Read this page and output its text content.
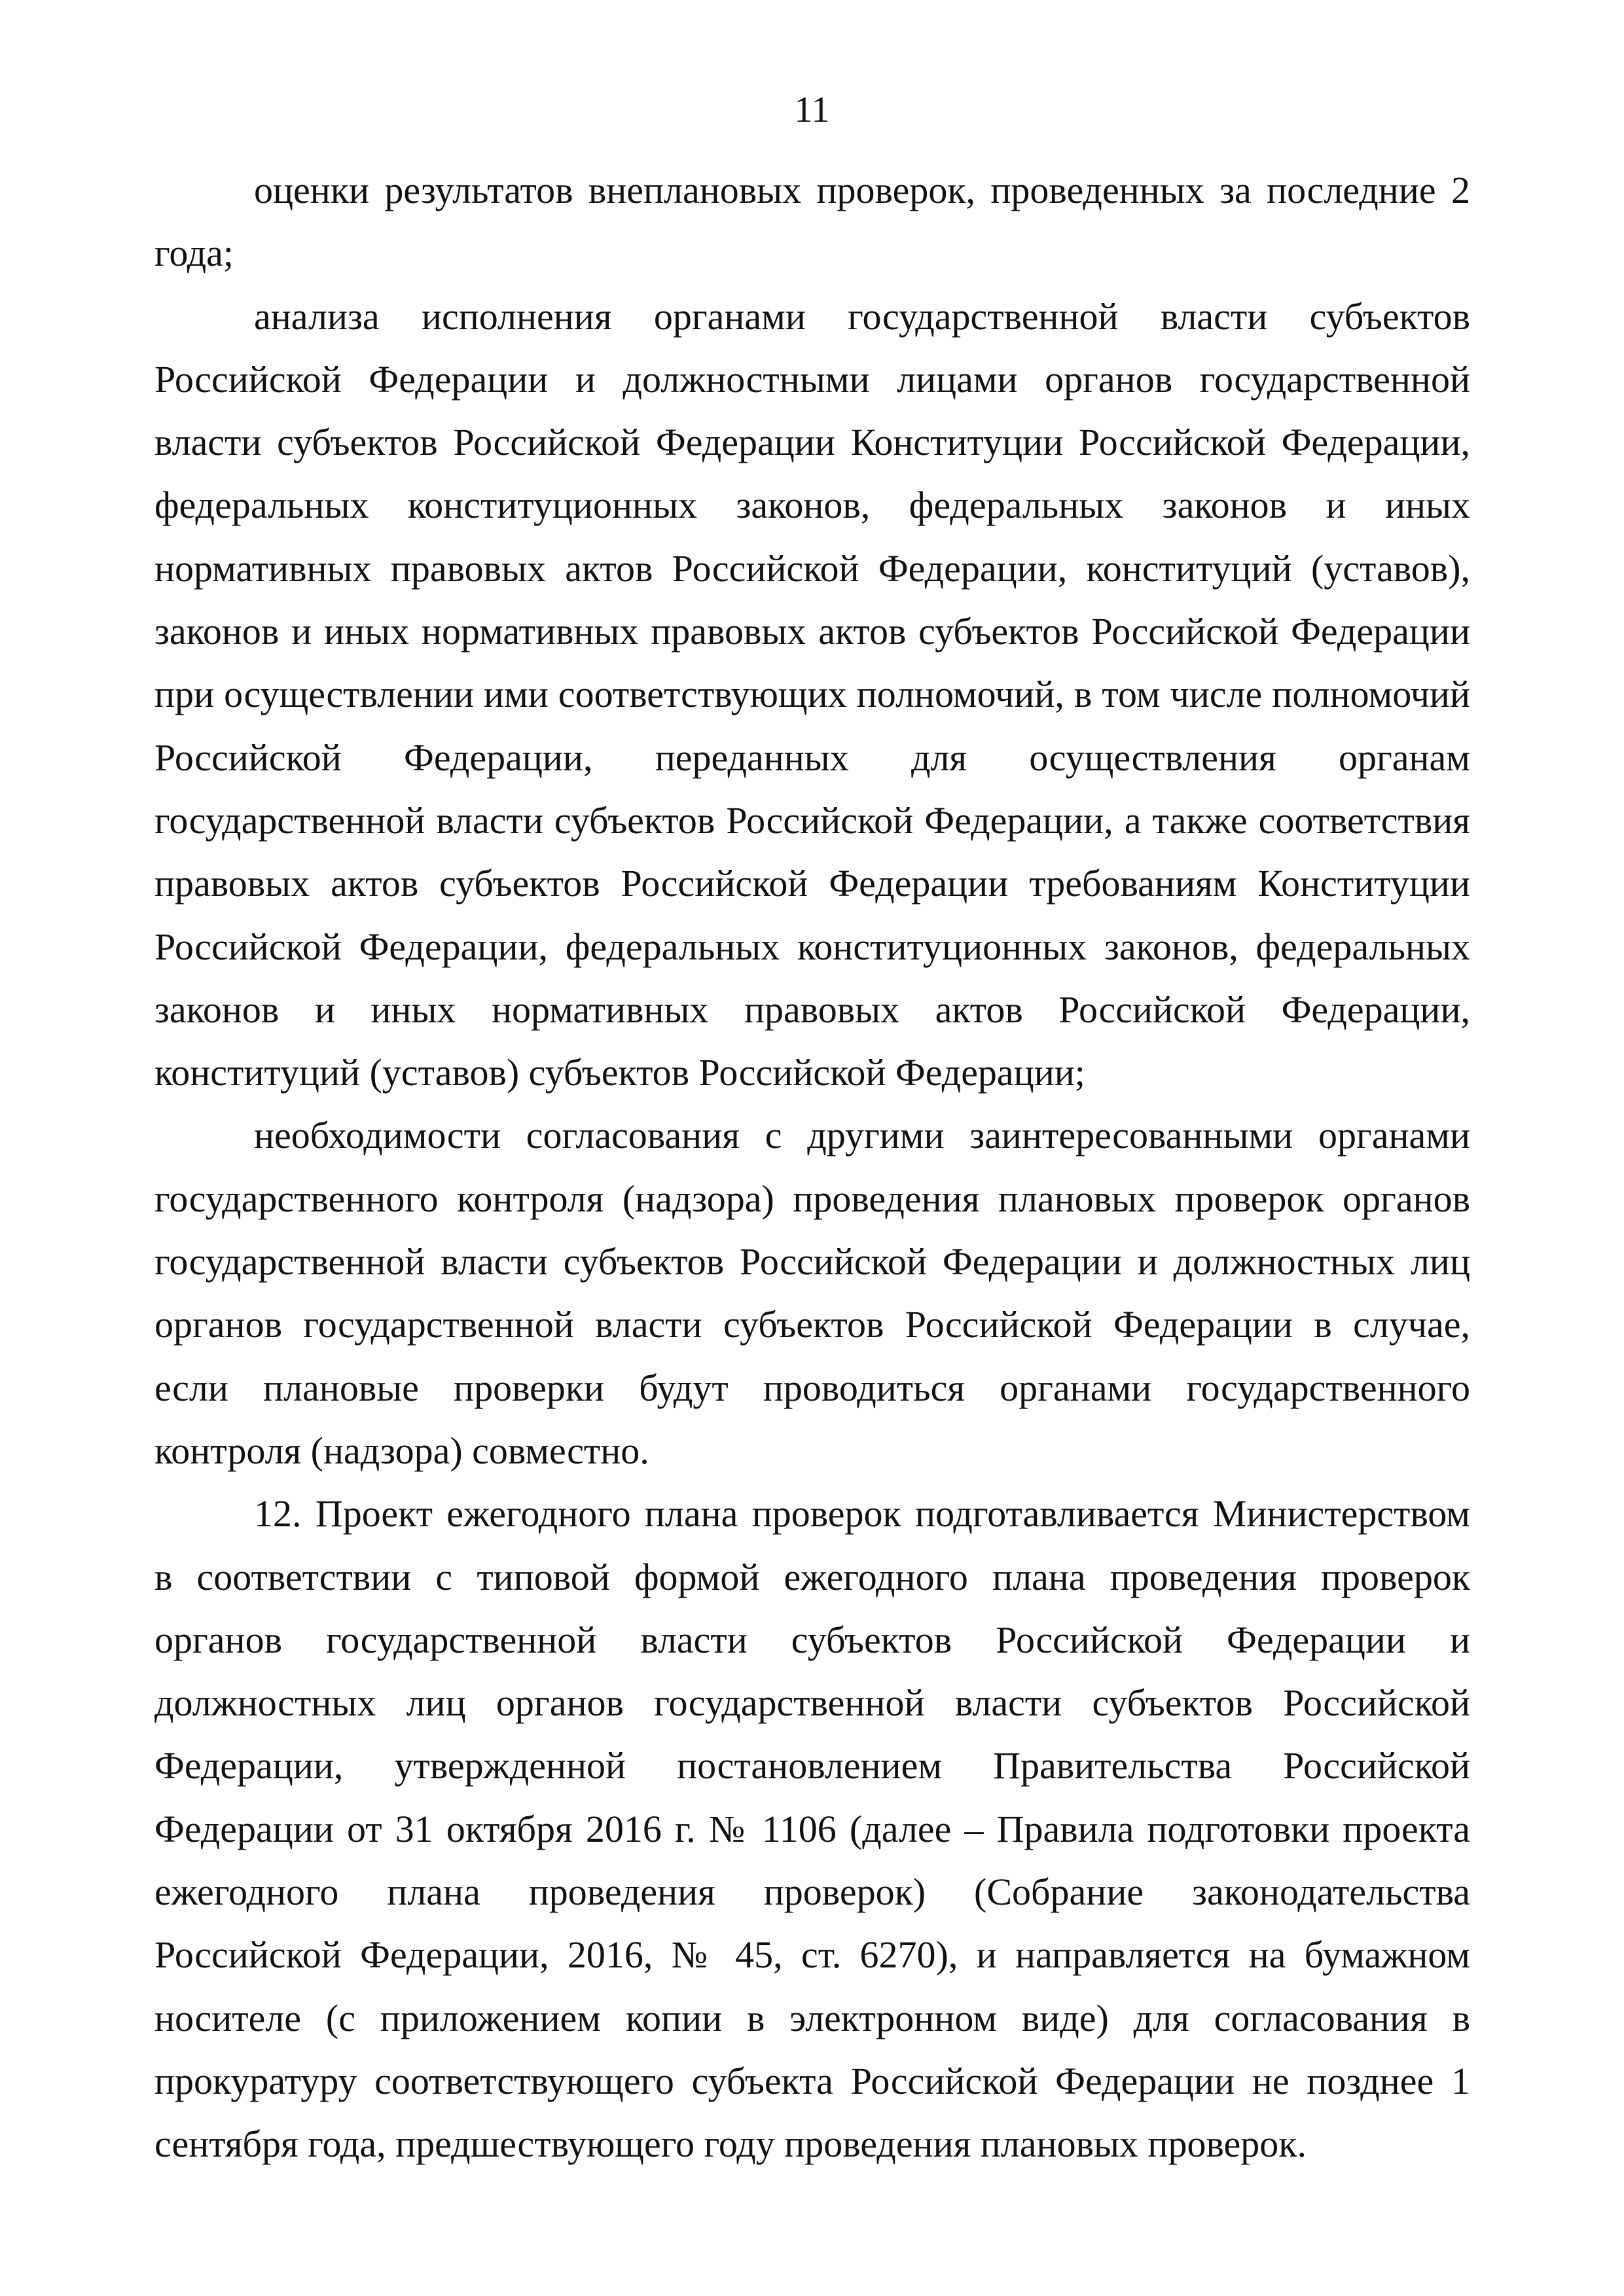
11

оценки результатов внеплановых проверок, проведенных за последние 2 года;

анализа исполнения органами государственной власти субъектов Российской Федерации и должностными лицами органов государственной власти субъектов Российской Федерации Конституции Российской Федерации, федеральных конституционных законов, федеральных законов и иных нормативных правовых актов Российской Федерации, конституций (уставов), законов и иных нормативных правовых актов субъектов Российской Федерации при осуществлении ими соответствующих полномочий, в том числе полномочий Российской Федерации, переданных для осуществления органам государственной власти субъектов Российской Федерации, а также соответствия правовых актов субъектов Российской Федерации требованиям Конституции Российской Федерации, федеральных конституционных законов, федеральных законов и иных нормативных правовых актов Российской Федерации, конституций (уставов) субъектов Российской Федерации;

необходимости согласования с другими заинтересованными органами государственного контроля (надзора) проведения плановых проверок органов государственной власти субъектов Российской Федерации и должностных лиц органов государственной власти субъектов Российской Федерации в случае, если плановые проверки будут проводиться органами государственного контроля (надзора) совместно.

12. Проект ежегодного плана проверок подготавливается Министерством в соответствии с типовой формой ежегодного плана проведения проверок органов государственной власти субъектов Российской Федерации и должностных лиц органов государственной власти субъектов Российской Федерации, утвержденной постановлением Правительства Российской Федерации от 31 октября 2016 г. № 1106 (далее – Правила подготовки проекта ежегодного плана проведения проверок) (Собрание законодательства Российской Федерации, 2016, № 45, ст. 6270), и направляется на бумажном носителе (с приложением копии в электронном виде) для согласования в прокуратуру соответствующего субъекта Российской Федерации не позднее 1 сентября года, предшествующего году проведения плановых проверок.
